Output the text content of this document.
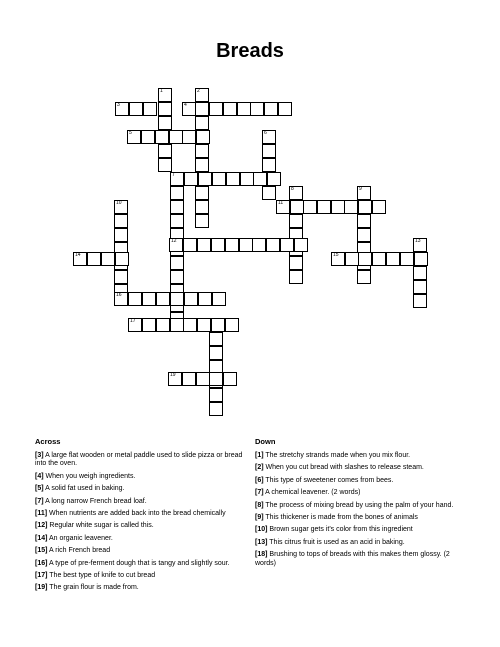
Breads
1	2
3	4
5	6
7
8	9
11
10
12	13
14	15
16
17
19
Across
[3] A large flat wooden or metal paddle used to slide pizza or bread into the oven.
[4] When you weigh ingredients.
[5] A solid fat used in baking.
[7] A long narrow French bread loaf.
[11] When nutrients are added back into the bread chemically
[12] Regular white sugar is called this.
[14] An organic leavener.
[15] A rich French bread
[16] A type of pre-ferment dough that is tangy and slightly sour.
[17] The best type of knife to cut bread
[19] The grain flour is made from.
Down
[1] The stretchy strands made when you mix flour.
[2] When you cut bread with slashes to release steam.
[6] This type of sweetener comes from bees.
[7] A chemical leavener. (2 words)
[8] The process of mixing bread by using the palm of your hand.
[9] This thickener is made from the bones of animals
[10] Brown sugar gets it's color from this ingredient
[13] This citrus fruit is used as an acid in baking.
[18] Brushing to tops of breads with this makes them glossy. (2 words)
